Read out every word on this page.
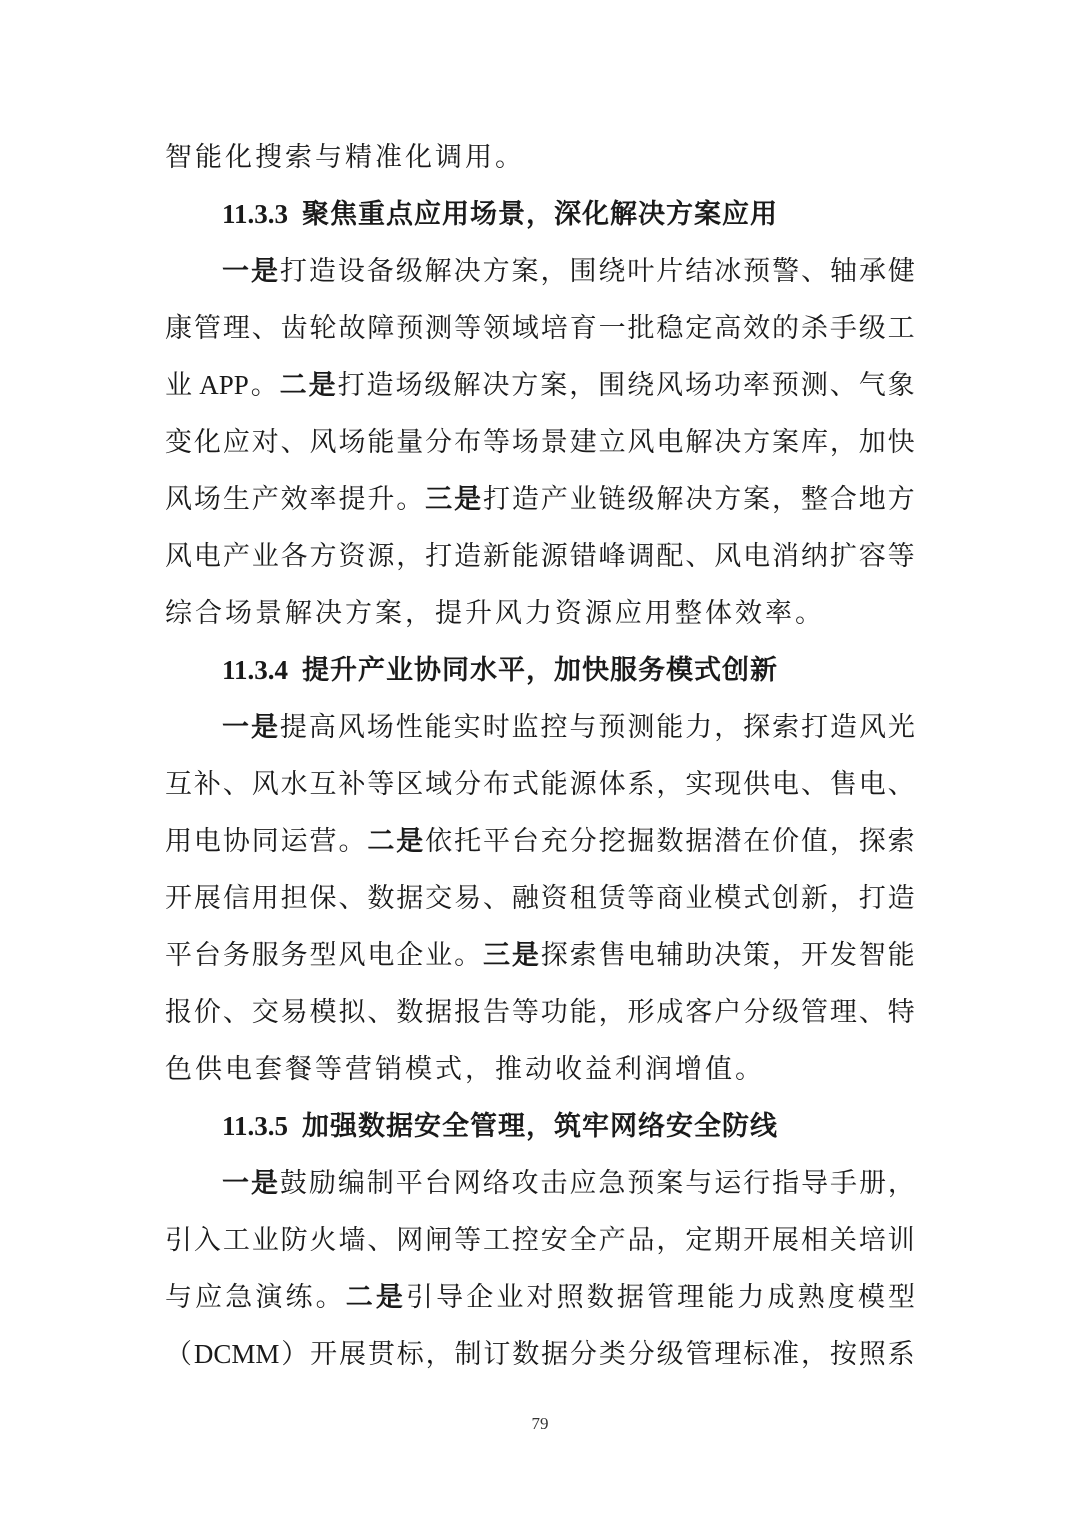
智 能 化 搜 索 与 精 准 化 调 用 。
11.3.3 聚焦重点应用场景，深化解决方案应用
一 是 打 造 设 备 级 解 决 方 案 ， 围 绕 叶 片 结 冰 预 警 、 轴 承 健
康 管 理 、 齿 轮 故 障 预 测 等 领 域 培 育 一 批 稳 定 高 效 的 杀 手 级 工
业 APP 。 二 是 打 造 场 级 解 决 方 案 ， 围 绕 风 场 功 率 预 测 、 气 象
变 化 应 对 、 风 场 能 量 分 布 等 场 景 建 立 风 电 解 决 方 案 库 ， 加 快
风 场 生 产 效 率 提 升 。 三 是 打 造 产 业 链 级 解 决 方 案 ， 整 合 地 方
风 电 产 业 各 方 资 源 ， 打 造 新 能 源 错 峰 调 配 、 风 电 消 纳 扩 容 等
综 合 场 景 解 决 方 案 ， 提 升 风 力 资 源 应 用 整 体 效 率 。
11.3.4 提升产业协同水平，加快服务模式创新
一 是 提 高 风 场 性 能 实 时 监 控 与 预 测 能 力 ， 探 索 打 造 风 光
互 补 、 风 水 互 补 等 区 域 分 布 式 能 源 体 系 ， 实 现 供 电 、 售 电 、
用 电 协 同 运 营 。 二 是 依 托 平 台 充 分 挖 掘 数 据 潜 在 价 值 ， 探 索
开 展 信 用 担 保 、 数 据 交 易 、 融 资 租 赁 等 商 业 模 式 创 新 ， 打 造
平 台 务 服 务 型 风 电 企 业 。 三 是 探 索 售 电 辅 助 决 策 ， 开 发 智 能
报 价 、 交 易 模 拟 、 数 据 报 告 等 功 能 ， 形 成 客 户 分 级 管 理 、 特
色 供 电 套 餐 等 营 销 模 式 ， 推 动 收 益 利 润 增 值 。
11.3.5 加强数据安全管理，筑牢网络安全防线
一 是 鼓 励 编 制 平 台 网 络 攻 击 应 急 预 案 与 运 行 指 导 手 册 ，
引 入 工 业 防 火 墙 、 网 闸 等 工 控 安 全 产 品 ， 定 期 开 展 相 关 培 训
与 应 急 演 练 。 二 是 引 导 企 业 对 照 数 据 管 理 能 力 成 熟 度 模 型
（ DCMM ） 开 展 贯 标 ， 制 订 数 据 分 类 分 级 管 理 标 准 ， 按 照 系
79
